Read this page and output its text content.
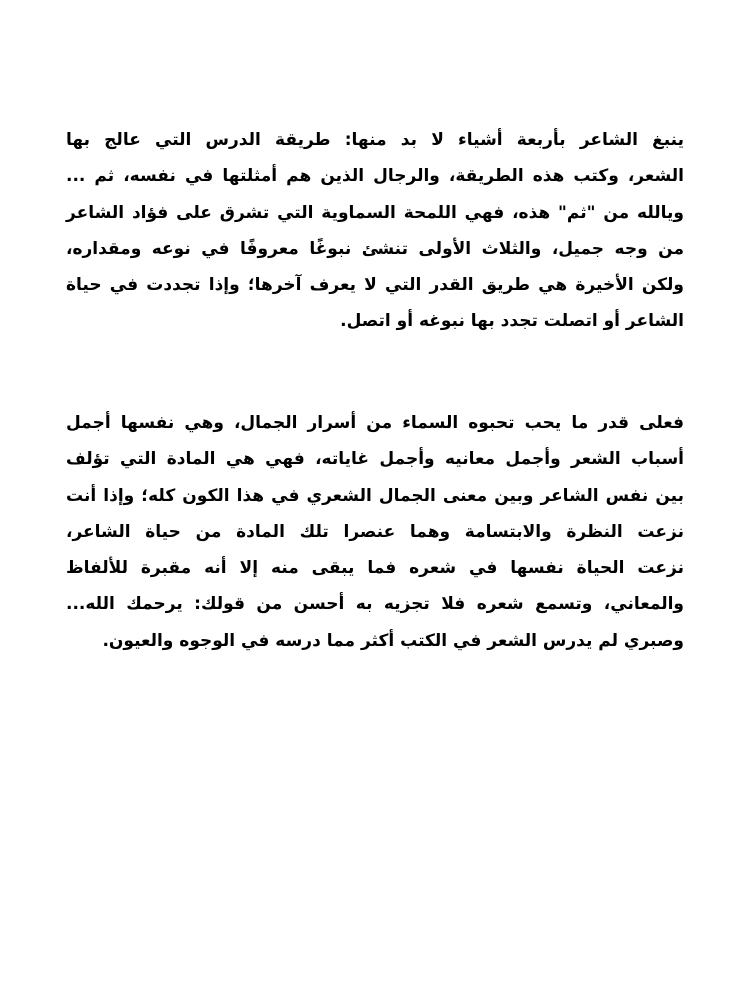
ينبغ الشاعر بأربعة أشياء لا بد منها: طريقة الدرس التي عالج بها
الشعر، وكتب هذه الطريقة، والرجال الذين هم أمثلتها في نفسه، ثم ...
ويالله من "ثم" هذه، فهي اللمحة السماوية التي تشرق على فؤاد الشاعر
من وجه جميل، والثلاث الأولى تنشئ نبوغًا معروفًا في نوعه ومقداره،
ولكن الأخيرة هي طريق القدر التي لا يعرف آخرها؛ وإذا تجددت في حياة
الشاعر أو اتصلت تجدد بها نبوغه أو اتصل.
فعلى قدر ما يحب تحبوه السماء من أسرار الجمال، وهي نفسها أجمل
أسباب الشعر وأجمل معانيه وأجمل غاياته، فهي هي المادة التي تؤلف
بين نفس الشاعر وبين معنى الجمال الشعري في هذا الكون كله؛ وإذا أنت
نزعت النظرة والابتسامة وهما عنصرا تلك المادة من حياة الشاعر،
نزعت الحياة نفسها في شعره فما يبقى منه إلا أنه مقبرة للألفاظ
والمعاني، وتسمع شعره فلا تجزيه به أحسن من قولك: يرحمك الله...
وصبري لم يدرس الشعر في الكتب أكثر مما درسه في الوجوه والعيون.
